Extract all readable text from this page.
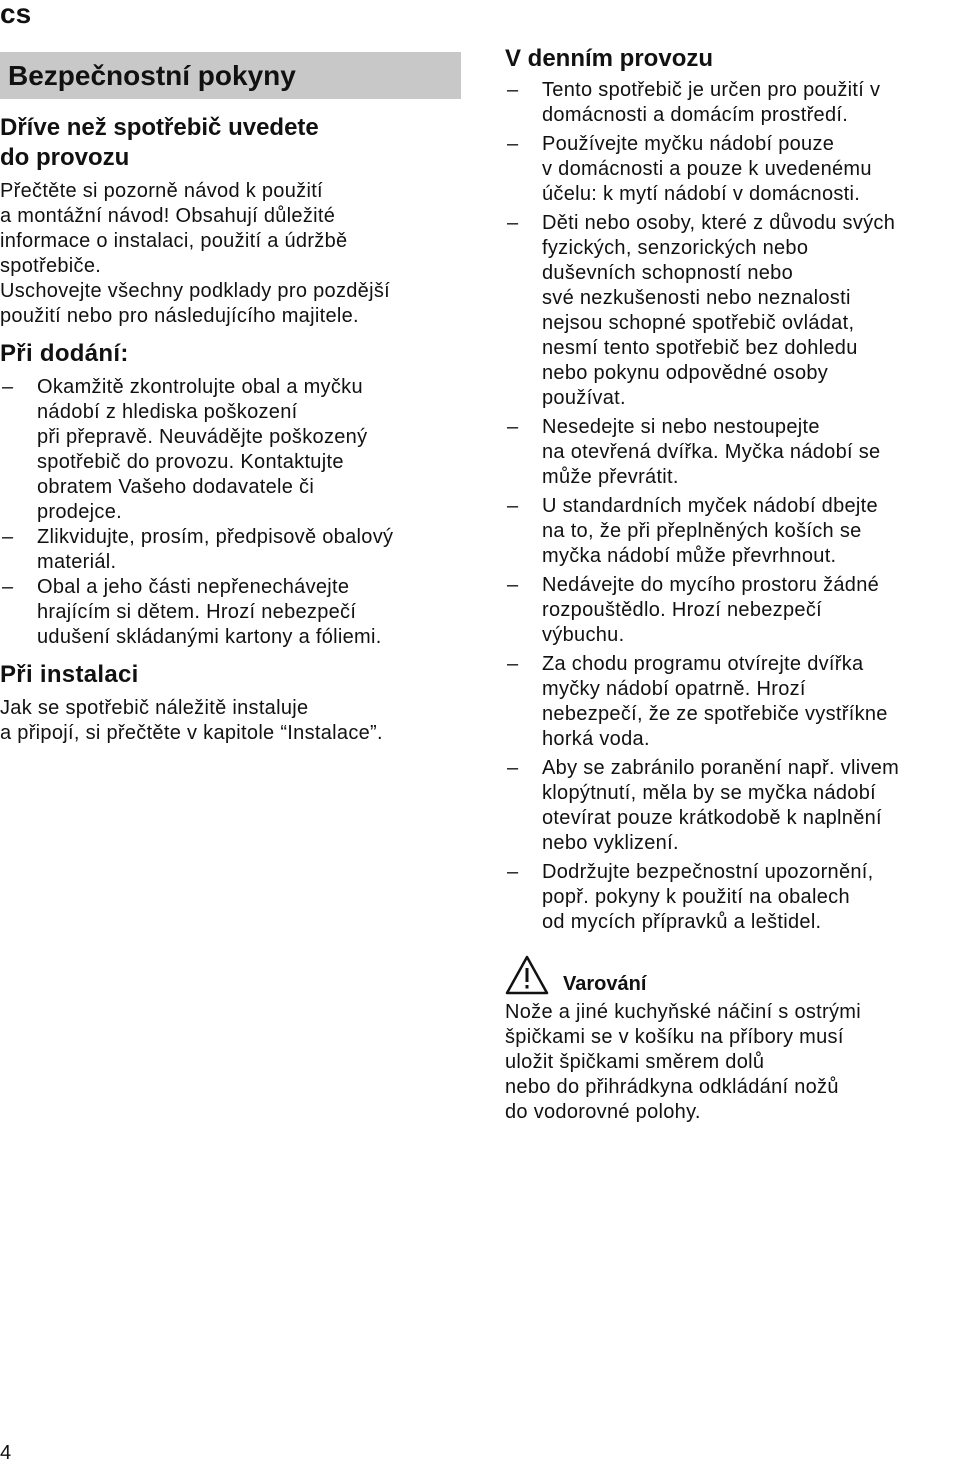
cs
Bezpečnostní pokyny
Dříve než spotřebič uvedete
do provozu
Přečtěte si pozorně návod k použití
a montážní návod! Obsahují důležité
informace o instalaci, použití a údržbě
spotřebiče.
Uschovejte všechny podklady pro pozdější
použití nebo pro následujícího majitele.
Při dodání:
– Okamžitě zkontrolujte obal a myčku
nádobí z hlediska poškození
při přepravě. Neuvádějte poškozený
spotřebič do provozu. Kontaktujte
obratem Vašeho dodavatele či
prodejce.
– Zlikvidujte, prosím, předpisově obalový
materiál.
– Obal a jeho části nepřenechávejte
hrajícím si dětem. Hrozí nebezpečí
udušení skládanými kartony a fóliemi.
Při instalaci
Jak se spotřebič náležitě instaluje
a připojí, si přečtěte v kapitole “Instalace”.
V denním provozu
– Tento spotřebič je určen pro použití v
domácnosti a domácím prostředí.
– Používejte myčku nádobí pouze
v domácnosti a pouze k uvedenému
účelu: k mytí nádobí v domácnosti.
– Děti nebo osoby, které z důvodu svých
fyzických, senzorických nebo
duševních schopností nebo
své nezkušenosti nebo neznalosti
nejsou schopné spotřebič ovládat,
nesmí tento spotřebič bez dohledu
nebo pokynu odpovědné osoby
používat.
– Nesedejte si nebo nestoupejte
na otevřená dvířka. Myčka nádobí se
může převrátit.
– U standardních myček nádobí dbejte
na to, že při přeplněných koších se
myčka nádobí může převrhnout.
– Nedávejte do mycího prostoru žádné
rozpouštědlo. Hrozí nebezpečí
výbuchu.
– Za chodu programu otvírejte dvířka
myčky nádobí opatrně. Hrozí
nebezpečí, že ze spotřebiče vystříkne
horká voda.
– Aby se zabránilo poranění např. vlivem
klopýtnutí, měla by se myčka nádobí
otevírat pouze krátkodobě k naplnění
nebo vyklizení.
– Dodržujte bezpečnostní upozornění,
popř. pokyny k použití na obalech
od mycích přípravků a leštidel.
Varování
Nože a jiné kuchyňské náčiní s ostrými
špičkami se v košíku na příbory musí
uložit špičkami směrem dolů
nebo do přihrádkyna odkládání nožů
do vodorovné polohy.
4
